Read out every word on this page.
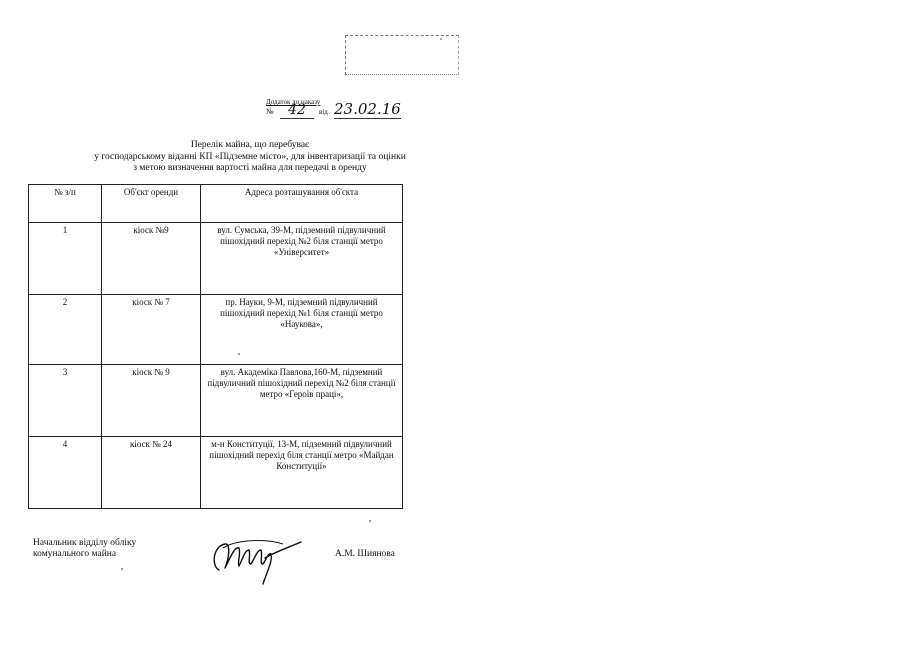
Додаток до наказу
№	42	від 23.02.16
Перелік майна, що перебуває
у господарському віданні КП «Підземне місто», для інвентаризації та оцінки
з метою визначення вартості майна для передачі в оренду
№ з/п	Об'єкт оренди	Адреса розташування об'єкта
1	кіоск №9	вул. Сумська, 39-М, підземний підвуличний пішохідний перехід №2 біля станції метро «Університет»
2	кіоск № 7	пр. Науки, 9-М, підземний підвуличний пішохідний перехід №1 біля станції метро «Наукова»,
3	кіоск № 9	вул. Академіка Павлова,160-М, підземний підвуличний пішохідний перехід №2 біля станції метро «Героїв праці»,
4	кіоск № 24	м-н Конституції, 13-М, підземний підвуличний пішохідний перехід біля станції метро «Майдан Конституції»
Начальник відділу обліку
комунального майна	А.М. Шиянова
